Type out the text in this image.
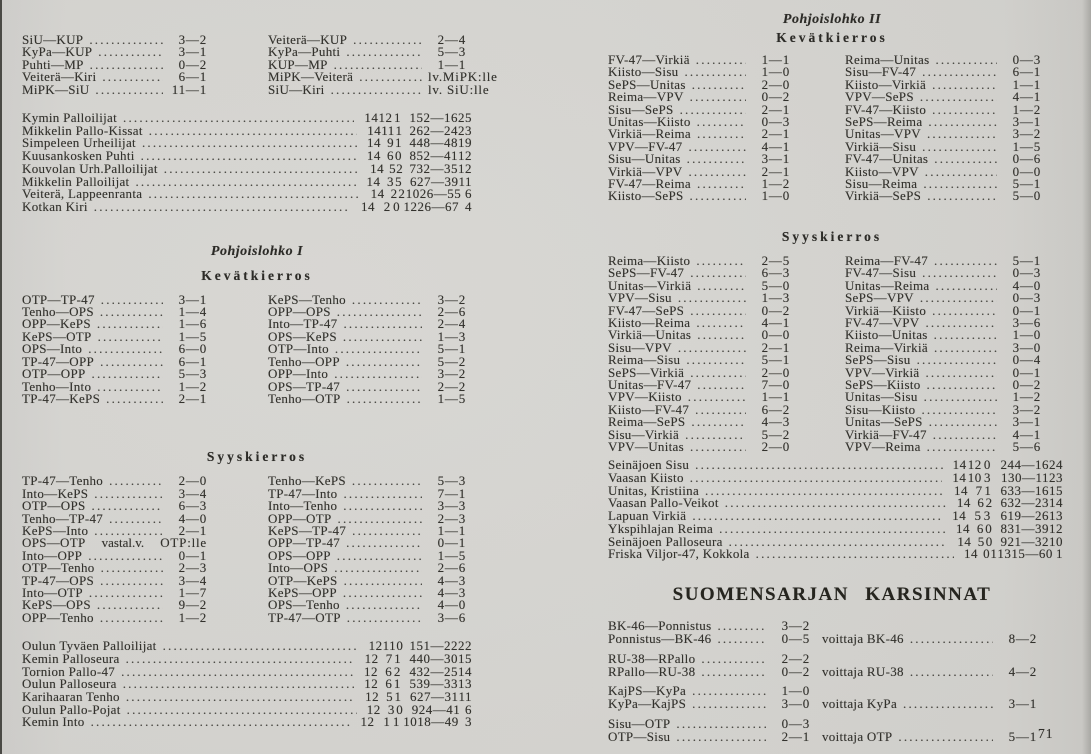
SiU—KUP .....	3—2
KyPa—KUP .....	3—1
Puhti—MP .....	0—2
Veiterä—Kiri .....	6—1
MiPK—SiU .....	11—1
Veiterä—KUP .....	2—4
KyPa—Puhti .....	5—3
KUP—MP .....	1—1
MiPK—Veiterä .....	lv.MiPK:lle
SiU—Kiri .....	lv. SiU:lle
Kymin Palloilijat .....	14 12 1 1 52—16 25
Mikkelin Pallo-Kissat .....	14 11 1 2 62—24 23
Simpeleen Urheilijat .....	14 9 1 4 48—48 19
Kuusankosken Puhti .....	14 6 0 8 52—41 12
Kouvolan Urh.Palloilijat .....	14 5 2 7 32—35 12
Mikkelin Palloilijat .....	14 3 5 6 27—39 11
Veiterä, Lappeenranta .....	14 2 2 10 26—55 6
Kotkan Kiri .....	14 2 0 12 26—67 4
Pohjoislohko I
Kevätkierros
OTP—TP-47 .....	3—1
Tenho—OPS .....	1—4
OPP—KePS .....	1—6
KePS—OTP .....	1—5
OPS—Into .....	6—0
TP-47—OPP .....	6—1
OTP—OPP .....	5—3
Tenho—Into .....	1—2
TP-47—KePS .....	2—1
KePS—Tenho .....	3—2
OPP—OPS .....	2—6
Into—TP-47 .....	2—4
OPS—KePS .....	1—3
OTP—Into .....	5—1
Tenho—OPP .....	5—2
OPP—Into .....	3—2
OPS—TP-47 .....	2—2
Tenho—OTP .....	1—5
Syyskierros
TP-47—Tenho .....	2—0
Into—KePS .....	3—4
OTP—OPS .....	6—3
Tenho—TP-47 .....	4—0
KePS—Into .....	2—1
OPS—OTP	vastal.v.	OTP:lle
Into—OPP .....	0—1
OTP—Tenho .....	2—3
TP-47—OPS .....	3—4
Into—OTP .....	1—7
KePS—OPS .....	9—2
OPP—Tenho .....	1—2
Tenho—KePS .....	5—3
TP-47—Into .....	7—1
Into—Tenho .....	3—3
OPP—OTP .....	2—3
KePS—TP-47 .....	1—1
OPP—TP-47 .....	0—1
OPS—OPP .....	1—5
Into—OPS .....	2—6
OTP—KePS .....	4—3
KePS—OPP .....	4—3
OPS—Tenho .....	4—0
TP-47—OTP .....	3—6
Oulun Tyväen Palloilijat .....	12 11 0 1 51—22 22
Kemin Palloseura .....	12 7 1 4 40—30 15
Tornion Pallo-47 .....	12 6 2 4 32—25 14
Oulun Palloseura .....	12 6 1 5 39—33 13
Karihaaran Tenho .....	12 5 1 6 27—31 11
Oulun Pallo-Pojat .....	12 3 0 9 24—41 6
Kemin Into .....	12 1 1 10 18—49 3
Pohjoislohko II
Kevätkierros
FV-47—Virkiä .....	1—1
Kiisto—Sisu .....	1—0
SePS—Unitas .....	2—0
Reima—VPV .....	0—2
Sisu—SePS .....	2—1
Unitas—Kiisto .....	0—3
Virkiä—Reima .....	2—1
VPV—FV-47 .....	4—1
Sisu—Unitas .....	3—1
Virkiä—VPV .....	2—1
FV-47—Reima .....	1—2
Kiisto—SePS .....	1—0
Reima—Unitas .....	0—3
Sisu—FV-47 .....	6—1
Kiisto—Virkiä .....	1—1
VPV—SePS .....	4—1
FV-47—Kiisto .....	1—2
SePS—Reima .....	3—1
Unitas—VPV .....	3—2
Virkiä—Sisu .....	1—5
FV-47—Unitas .....	0—6
Kiisto—VPV .....	0—0
Sisu—Reima .....	5—1
Virkiä—SePS .....	5—0
Syyskierros
Reima—Kiisto .....	2—5
SePS—FV-47 .....	6—3
Unitas—Virkiä .....	5—0
VPV—Sisu .....	1—3
FV-47—SePS .....	0—2
Kiisto—Reima .....	4—1
Virkiä—Unitas .....	0—0
Sisu—VPV .....	2—1
Reima—Sisu .....	5—1
SePS—Virkiä .....	2—0
Unitas—FV-47 .....	7—0
VPV—Kiisto .....	1—1
Kiisto—FV-47 .....	6—2
Reima—SePS .....	4—3
Sisu—Virkiä .....	5—2
VPV—Unitas .....	2—0
Reima—FV-47 .....	5—1
FV-47—Sisu .....	0—3
Unitas—Reima .....	4—0
SePS—VPV .....	0—3
Virkiä—Kiisto .....	0—1
FV-47—VPV .....	3—6
Kiisto—Unitas .....	1—0
Reima—Virkiä .....	3—0
SePS—Sisu .....	0—4
VPV—Virkiä .....	0—1
SePS—Kiisto .....	0—2
Unitas—Sisu .....	1—2
Sisu—Kiisto .....	3—2
Unitas—SePS .....	3—1
Virkiä—FV-47 .....	4—1
VPV—Reima .....	5—6
Seinäjoen Sisu .....	14 12 0 2 44—16 24
Vaasan Kiisto .....	14 10 3 1 30—11 23
Unitas, Kristiina .....	14 7 1 6 33—16 15
Vaasan Pallo-Veikot .....	14 6 2 6 32—23 14
Lapuan Virkiä .....	14 5 3 6 19—26 13
Ykspihlajan Reima .....	14 6 0 8 31—39 12
Seinäjoen Palloseura .....	14 5 0 9 21—32 10
Friska Viljor-47, Kokkola .....	14 0 1 13 15—60 1
SUOMENSARJAN KARSINNAT
BK-46—Ponnistus .....	3—2
Ponnistus—BK-46 .....	0—5 voittaja BK-46 .....	8—2
RU-38—RPallo .....	2—2
RPallo—RU-38 .....	0—2 voittaja RU-38 .....	4—2
KajPS—KyPa .....	1—0
KyPa—KajPS .....	3—0 voittaja KyPa .....	3—1
Sisu—OTP .....	0—3
OTP—Sisu .....	2—1 voittaja OTP .....	5—1 71
